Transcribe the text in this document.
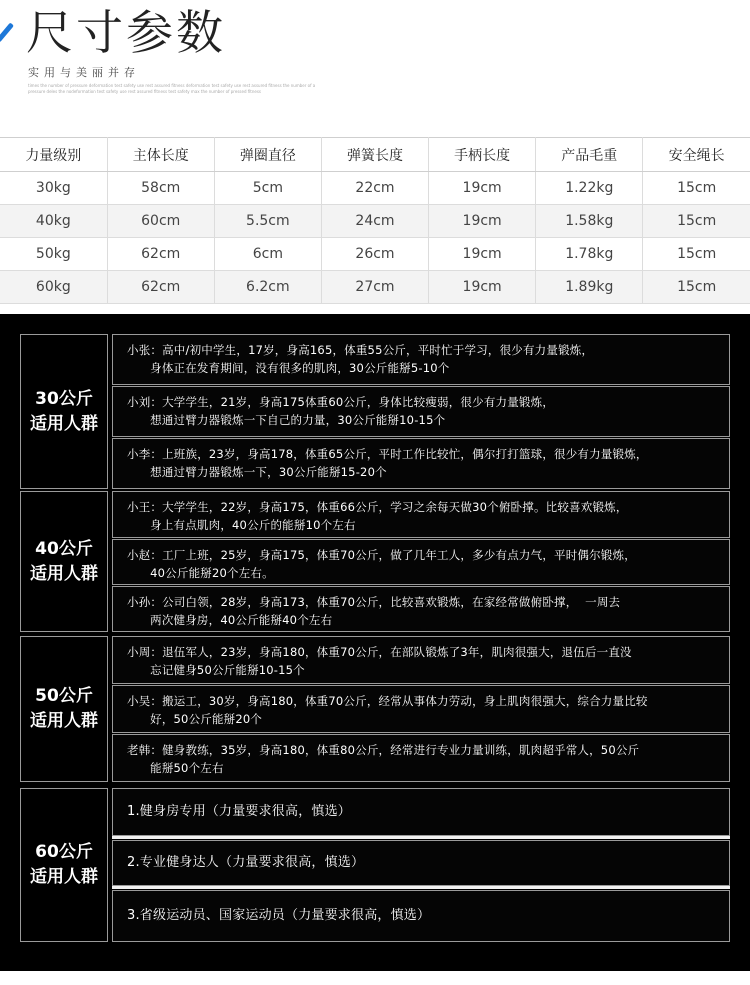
尺寸参数
实用与美丽并存
times the number of pressure deformation test safety use rest assured fitness deformation test safety use rest assured fitness the number of a pressure deles the nodeformation test safety use rest assured fitness test safety max the number of pressed fitness
力量级别	主体长度	弹圈直径	弹簧长度	手柄长度	产品毛重	安全绳长
30kg	58cm	5cm	22cm	19cm	1.22kg	15cm
40kg	60cm	5.5cm	24cm	19cm	1.58kg	15cm
50kg	62cm	6cm	26cm	19cm	1.78kg	15cm
60kg	62cm	6.2cm	27cm	19cm	1.89kg	15cm
30公斤
适用人群
小张：高中/初中学生，17岁，身高165，体重55公斤，平时忙于学习，很少有力量锻炼，
身体正在发育期间，没有很多的肌肉，30公斤能掰5-10个
小刘：大学学生，21岁，身高175体重60公斤，身体比较瘦弱，很少有力量锻炼，
想通过臂力器锻炼一下自己的力量，30公斤能掰10-15个
小李：上班族，23岁，身高178，体重65公斤，平时工作比较忙，偶尔打打篮球，很少有力量锻炼，
想通过臂力器锻炼一下，30公斤能掰15-20个
40公斤
适用人群
小王：大学学生，22岁，身高175，体重66公斤，学习之余每天做30个俯卧撑。比较喜欢锻炼，
身上有点肌肉，40公斤的能掰10个左右
小赵：工厂上班，25岁，身高175，体重70公斤，做了几年工人，多少有点力气，平时偶尔锻炼，
40公斤能掰20个左右。
小孙：公司白领，28岁，身高173，体重70公斤，比较喜欢锻炼，在家经常做俯卧撑，  一周去
两次健身房，40公斤能掰40个左右
50公斤
适用人群
小周：退伍军人，23岁，身高180，体重70公斤，在部队锻炼了3年，肌肉很强大，退伍后一直没
忘记健身50公斤能掰10-15个
小吴：搬运工，30岁，身高180，体重70公斤，经常从事体力劳动，身上肌肉很强大，综合力量比较
好，50公斤能掰20个
老韩：健身教练，35岁，身高180，体重80公斤，经常进行专业力量训练，肌肉超乎常人，50公斤
能掰50个左右
60公斤
适用人群
1.健身房专用（力量要求很高，慎选）
2.专业健身达人（力量要求很高，慎选）
3.省级运动员、国家运动员（力量要求很高，慎选）
